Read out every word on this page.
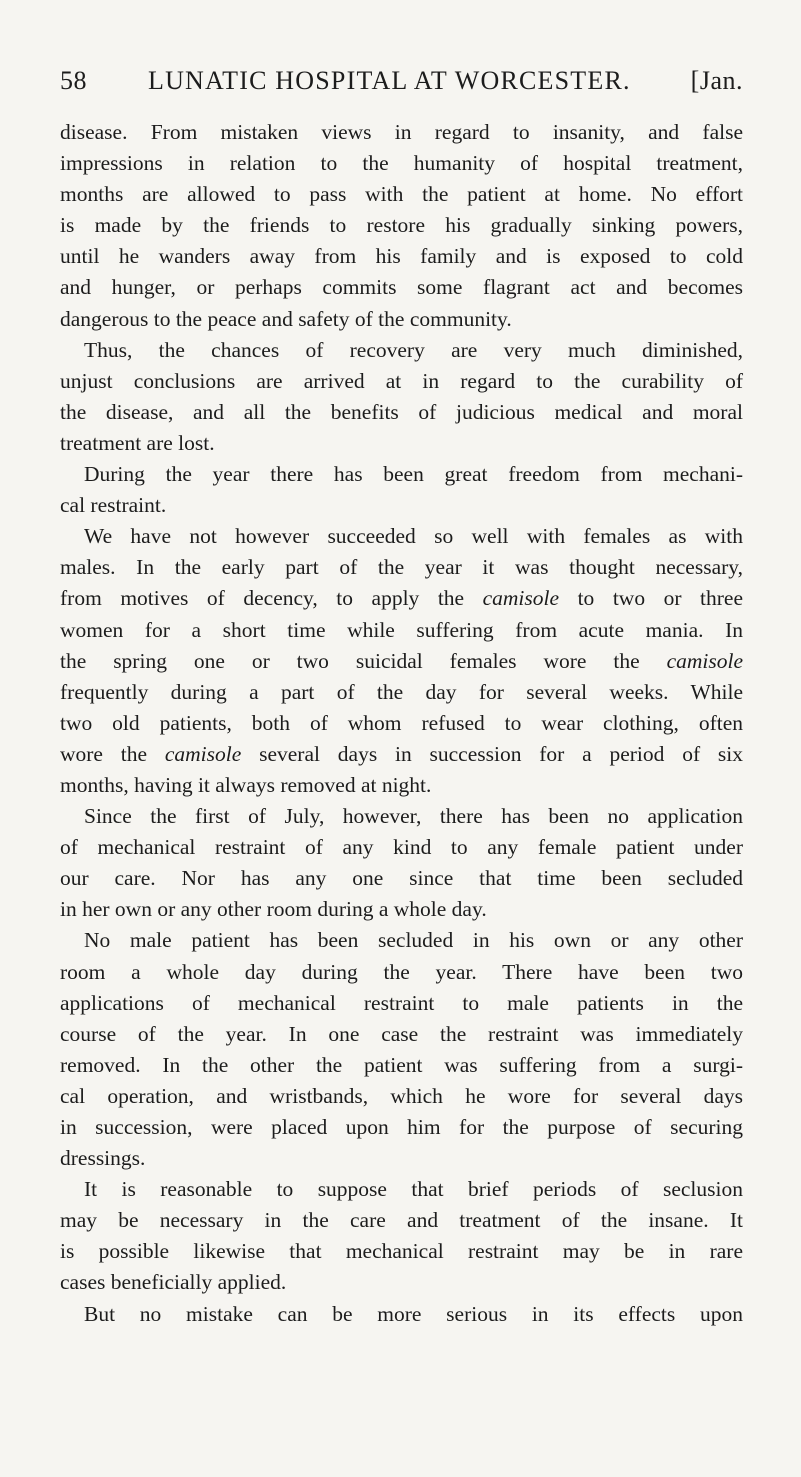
58 LUNATIC HOSPITAL AT WORCESTER. [Jan.
disease. From mistaken views in regard to insanity, and false
impressions in relation to the humanity of hospital treatment,
months are allowed to pass with the patient at home. No effort
is made by the friends to restore his gradually sinking powers,
until he wanders away from his family and is exposed to cold
and hunger, or perhaps commits some flagrant act and becomes
dangerous to the peace and safety of the community.
Thus, the chances of recovery are very much diminished,
unjust conclusions are arrived at in regard to the curability of
the disease, and all the benefits of judicious medical and moral
treatment are lost.
During the year there has been great freedom from mechani-
cal restraint.
We have not however succeeded so well with females as with
males. In the early part of the year it was thought necessary,
from motives of decency, to apply the camisole to two or three
women for a short time while suffering from acute mania. In
the spring one or two suicidal females wore the camisole
frequently during a part of the day for several weeks. While
two old patients, both of whom refused to wear clothing, often
wore the camisole several days in succession for a period of six
months, having it always removed at night.
Since the first of July, however, there has been no application
of mechanical restraint of any kind to any female patient under
our care. Nor has any one since that time been secluded
in her own or any other room during a whole day.
No male patient has been secluded in his own or any other
room a whole day during the year. There have been two
applications of mechanical restraint to male patients in the
course of the year. In one case the restraint was immediately
removed. In the other the patient was suffering from a surgi-
cal operation, and wristbands, which he wore for several days
in succession, were placed upon him for the purpose of securing
dressings.
It is reasonable to suppose that brief periods of seclusion
may be necessary in the care and treatment of the insane. It
is possible likewise that mechanical restraint may be in rare
cases beneficially applied.
But no mistake can be more serious in its effects upon
